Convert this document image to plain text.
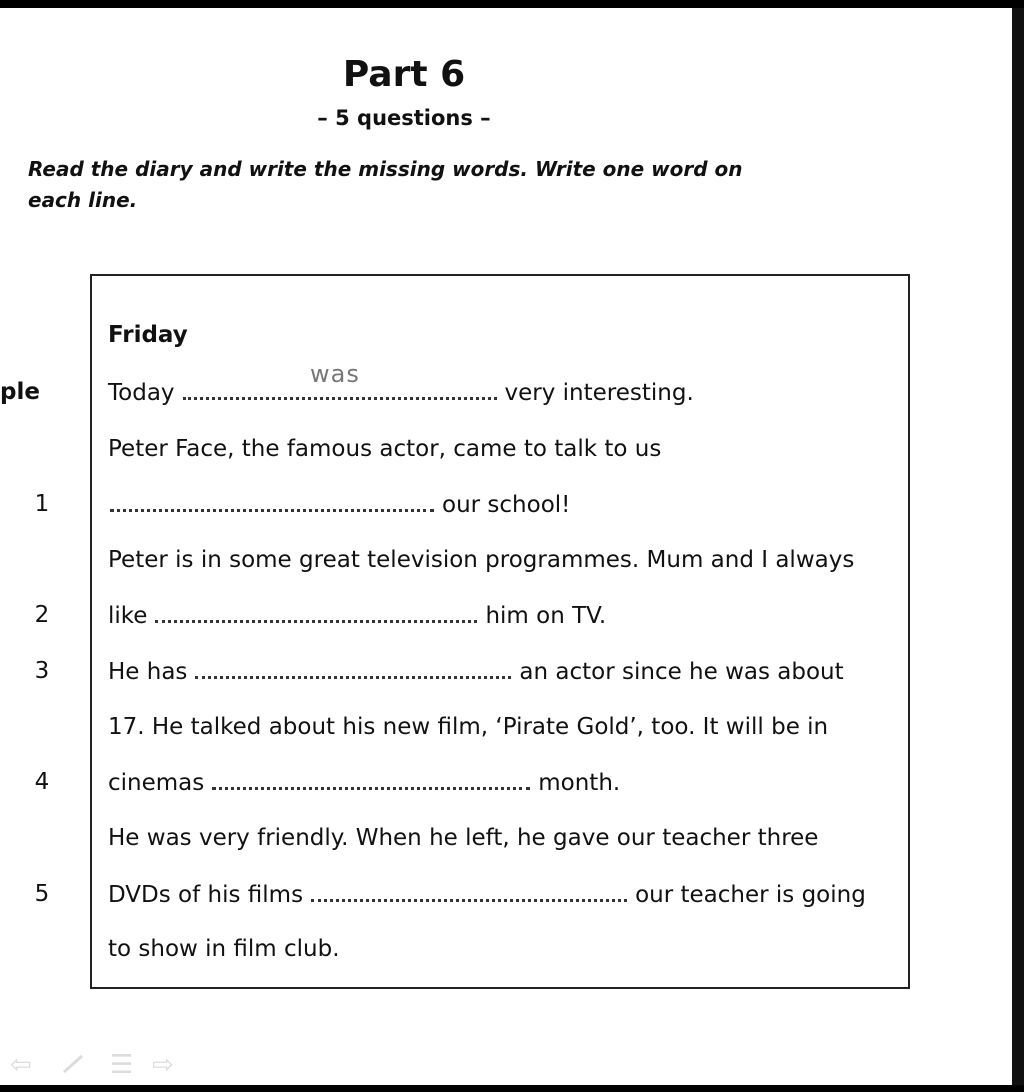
Part 6
– 5 questions –
Read the diary and write the missing words. Write one word on each line.
Friday
ple
was
Today	very interesting.
Peter Face, the famous actor, came to talk to us
1	our school!
Peter is in some great television programmes. Mum and I always
2	like	him on TV.
3	He has	an actor since he was about
17. He talked about his new film, ‘Pirate Gold’, too. It will be in
4	cinemas	month.
He was very friendly. When he left, he gave our teacher three
5	DVDs of his films	our teacher is going
to show in film club.
⇦	☰ ⇨
